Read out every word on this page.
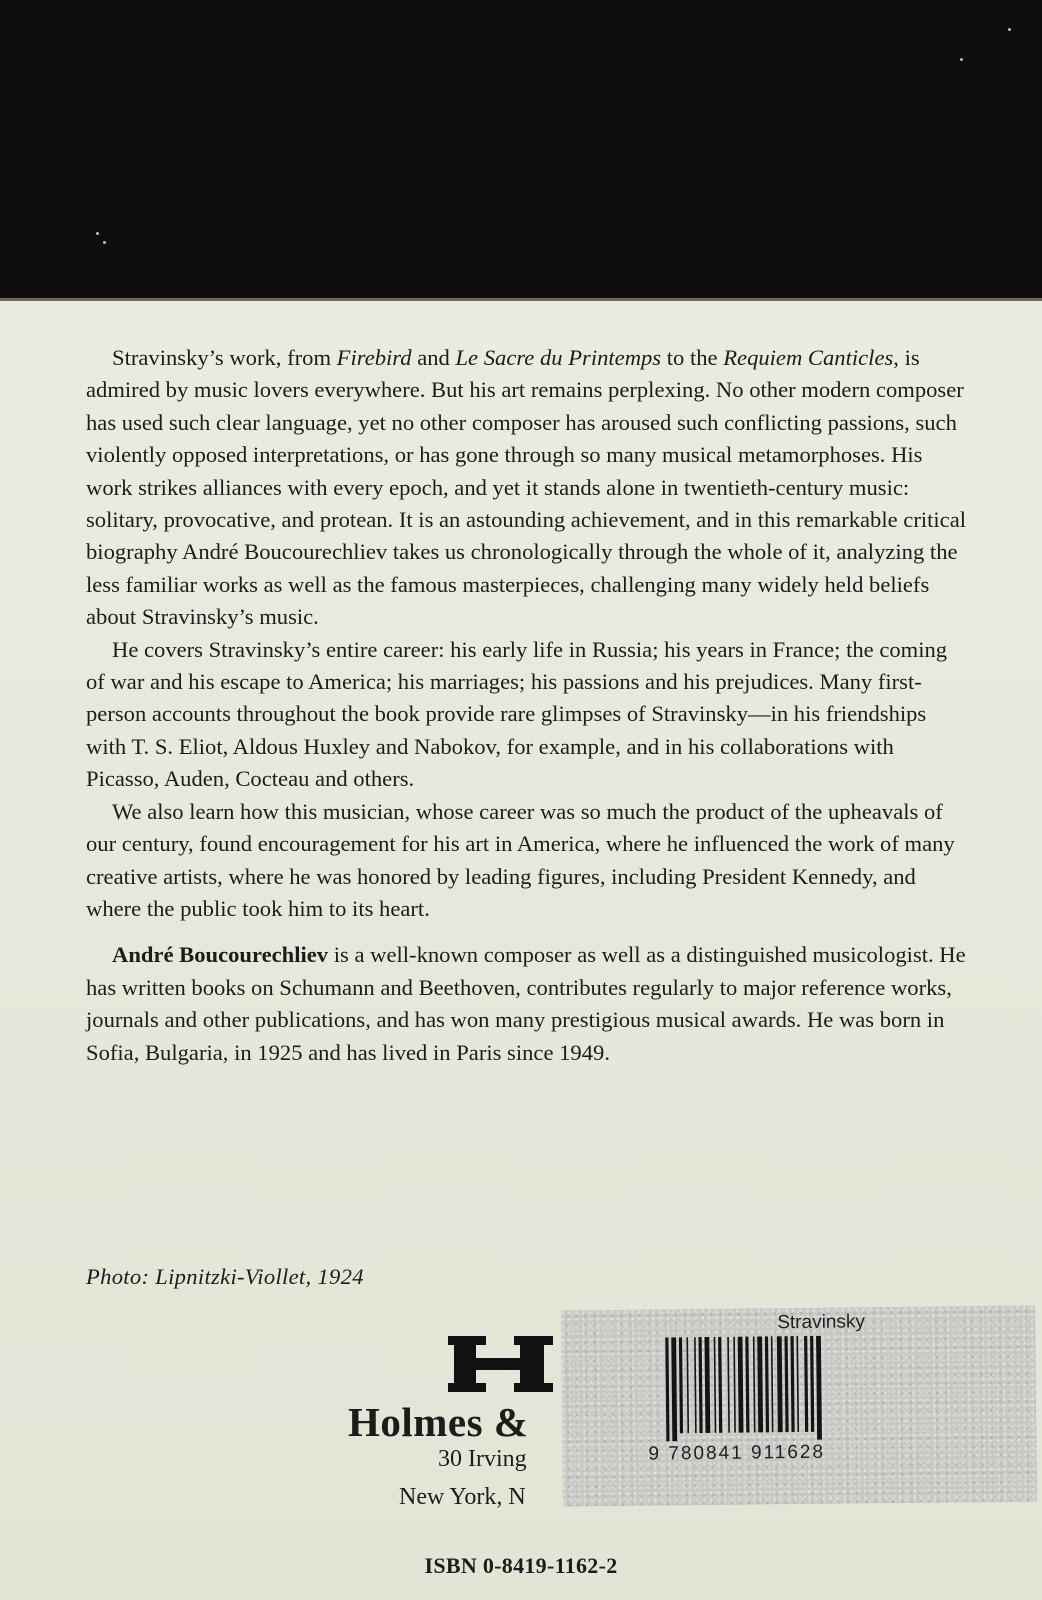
Stravinsky’s work, from Firebird and Le Sacre du Printemps to the Requiem Canticles, is admired by music lovers everywhere. But his art remains perplexing. No other modern composer has used such clear language, yet no other composer has aroused such conflicting passions, such violently opposed interpretations, or has gone through so many musical metamorphoses. His work strikes alliances with every epoch, and yet it stands alone in twentieth-century music: solitary, provocative, and protean. It is an astounding achievement, and in this remarkable critical biography André Boucourechliev takes us chronologically through the whole of it, analyzing the less familiar works as well as the famous masterpieces, challenging many widely held beliefs about Stravinsky’s music.

He covers Stravinsky’s entire career: his early life in Russia; his years in France; the coming of war and his escape to America; his marriages; his passions and his prejudices. Many first-person accounts throughout the book provide rare glimpses of Stravinsky—in his friendships with T. S. Eliot, Aldous Huxley and Nabokov, for example, and in his collaborations with Picasso, Auden, Cocteau and others.

We also learn how this musician, whose career was so much the product of the upheavals of our century, found encouragement for his art in America, where he influenced the work of many creative artists, where he was honored by leading figures, including President Kennedy, and where the public took him to its heart.

André Boucourechliev is a well-known composer as well as a distinguished musicologist. He has written books on Schumann and Beethoven, contributes regularly to major reference works, journals and other publications, and has won many prestigious musical awards. He was born in Sofia, Bulgaria, in 1925 and has lived in Paris since 1949.

Photo: Lipnitzki-Viollet, 1924
Holmes &
30 Irving
New York, N
Stravinsky
9 780841 911628
ISBN 0-8419-1162-2
